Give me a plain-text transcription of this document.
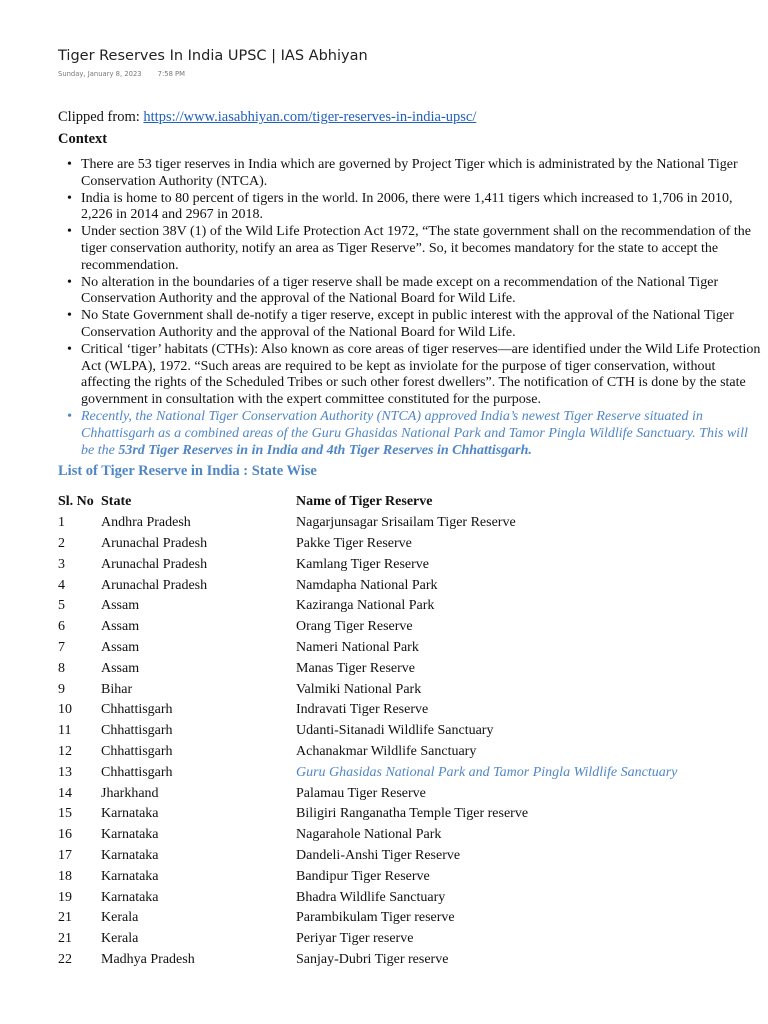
Tiger Reserves In India UPSC | IAS Abhiyan
Sunday, January 8, 2023 7:58 PM
Clipped from: https://www.iasabhiyan.com/tiger-reserves-in-india-upsc/
Context
• There are 53 tiger reserves in India which are governed by Project Tiger which is administrated by the National Tiger Conservation Authority (NTCA).
• India is home to 80 percent of tigers in the world. In 2006, there were 1,411 tigers which increased to 1,706 in 2010, 2,226 in 2014 and 2967 in 2018.
• Under section 38V (1) of the Wild Life Protection Act 1972, “The state government shall on the recommendation of the tiger conservation authority, notify an area as Tiger Reserve”. So, it becomes mandatory for the state to accept the recommendation.
• No alteration in the boundaries of a tiger reserve shall be made except on a recommendation of the National Tiger Conservation Authority and the approval of the National Board for Wild Life.
• No State Government shall de-notify a tiger reserve, except in public interest with the approval of the National Tiger Conservation Authority and the approval of the National Board for Wild Life.
• Critical ‘tiger’ habitats (CTHs): Also known as core areas of tiger reserves—are identified under the Wild Life Protection Act (WLPA), 1972. “Such areas are required to be kept as inviolate for the purpose of tiger conservation, without affecting the rights of the Scheduled Tribes or such other forest dwellers”. The notification of CTH is done by the state government in consultation with the expert committee constituted for the purpose.
• Recently, the National Tiger Conservation Authority (NTCA) approved India’s newest Tiger Reserve situated in Chhattisgarh as a combined areas of the Guru Ghasidas National Park and Tamor Pingla Wildlife Sanctuary. This will be the 53rd Tiger Reserves in in India and 4th Tiger Reserves in Chhattisgarh.
List of Tiger Reserve in India : State Wise
Sl. No	State	Name of Tiger Reserve
1	Andhra Pradesh	Nagarjunsagar Srisailam Tiger Reserve
2	Arunachal Pradesh	Pakke Tiger Reserve
3	Arunachal Pradesh	Kamlang Tiger Reserve
4	Arunachal Pradesh	Namdapha National Park
5	Assam	Kaziranga National Park
6	Assam	Orang Tiger Reserve
7	Assam	Nameri National Park
8	Assam	Manas Tiger Reserve
9	Bihar	Valmiki National Park
10	Chhattisgarh	Indravati Tiger Reserve
11	Chhattisgarh	Udanti-Sitanadi Wildlife Sanctuary
12	Chhattisgarh	Achanakmar Wildlife Sanctuary
13	Chhattisgarh	Guru Ghasidas National Park and Tamor Pingla Wildlife Sanctuary
14	Jharkhand	Palamau Tiger Reserve
15	Karnataka	Biligiri Ranganatha Temple Tiger reserve
16	Karnataka	Nagarahole National Park
17	Karnataka	Dandeli-Anshi Tiger Reserve
18	Karnataka	Bandipur Tiger Reserve
19	Karnataka	Bhadra Wildlife Sanctuary
21	Kerala	Parambikulam Tiger reserve
21	Kerala	Periyar Tiger reserve
22	Madhya Pradesh	Sanjay-Dubri Tiger reserve
